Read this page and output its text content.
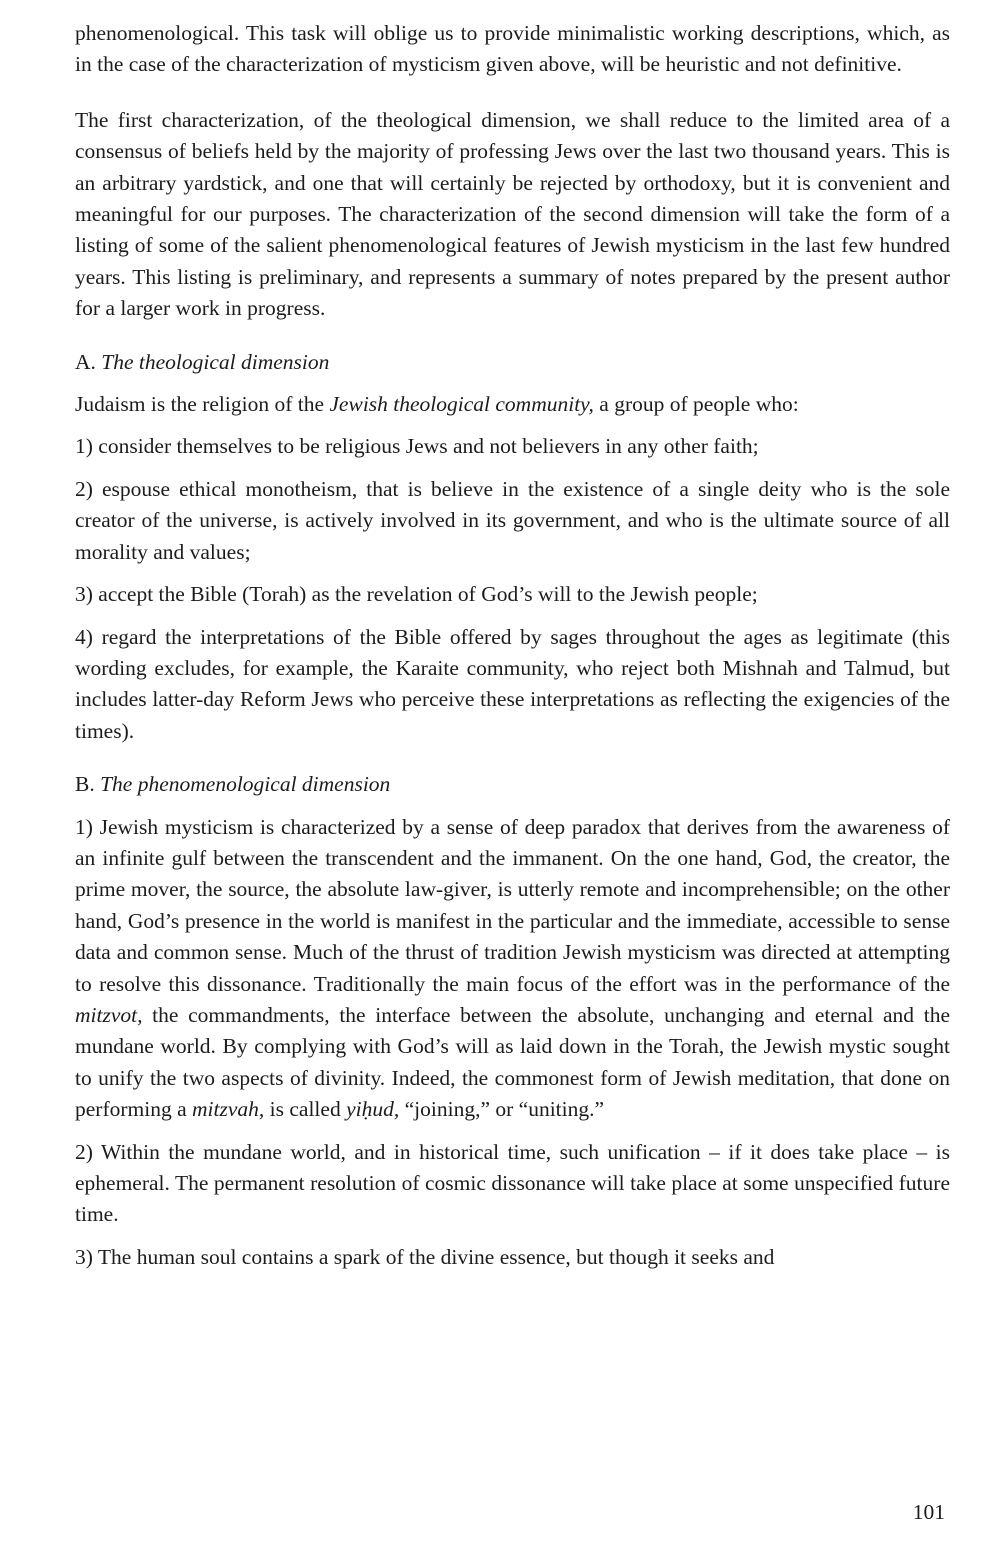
phenomenological. This task will oblige us to provide minimalistic working descriptions, which, as in the case of the characterization of mysticism given above, will be heuristic and not definitive.

The first characterization, of the theological dimension, we shall reduce to the limited area of a consensus of beliefs held by the majority of professing Jews over the last two thousand years. This is an arbitrary yardstick, and one that will certainly be rejected by orthodoxy, but it is convenient and meaningful for our purposes. The characterization of the second dimension will take the form of a listing of some of the salient phenomenological features of Jewish mysticism in the last few hundred years. This listing is preliminary, and represents a summary of notes prepared by the present author for a larger work in progress.

A. The theological dimension

Judaism is the religion of the Jewish theological community, a group of people who:

1) consider themselves to be religious Jews and not believers in any other faith;

2) espouse ethical monotheism, that is believe in the existence of a single deity who is the sole creator of the universe, is actively involved in its government, and who is the ultimate source of all morality and values;

3) accept the Bible (Torah) as the revelation of God’s will to the Jewish people;

4) regard the interpretations of the Bible offered by sages throughout the ages as legitimate (this wording excludes, for example, the Karaite community, who reject both Mishnah and Talmud, but includes latter-day Reform Jews who perceive these interpretations as reflecting the exigencies of the times).

B. The phenomenological dimension

1) Jewish mysticism is characterized by a sense of deep paradox that derives from the awareness of an infinite gulf between the transcendent and the immanent. On the one hand, God, the creator, the prime mover, the source, the absolute law-giver, is utterly remote and incomprehensible; on the other hand, God’s presence in the world is manifest in the particular and the immediate, accessible to sense data and common sense. Much of the thrust of tradition Jewish mysticism was directed at attempting to resolve this dissonance. Traditionally the main focus of the effort was in the performance of the mitzvot, the commandments, the interface between the absolute, unchanging and eternal and the mundane world. By complying with God’s will as laid down in the Torah, the Jewish mystic sought to unify the two aspects of divinity. Indeed, the commonest form of Jewish meditation, that done on performing a mitzvah, is called yiḥud, “joining,” or “uniting.”

2) Within the mundane world, and in historical time, such unification – if it does take place – is ephemeral. The permanent resolution of cosmic dissonance will take place at some unspecified future time.

3) The human soul contains a spark of the divine essence, but though it seeks and

101
